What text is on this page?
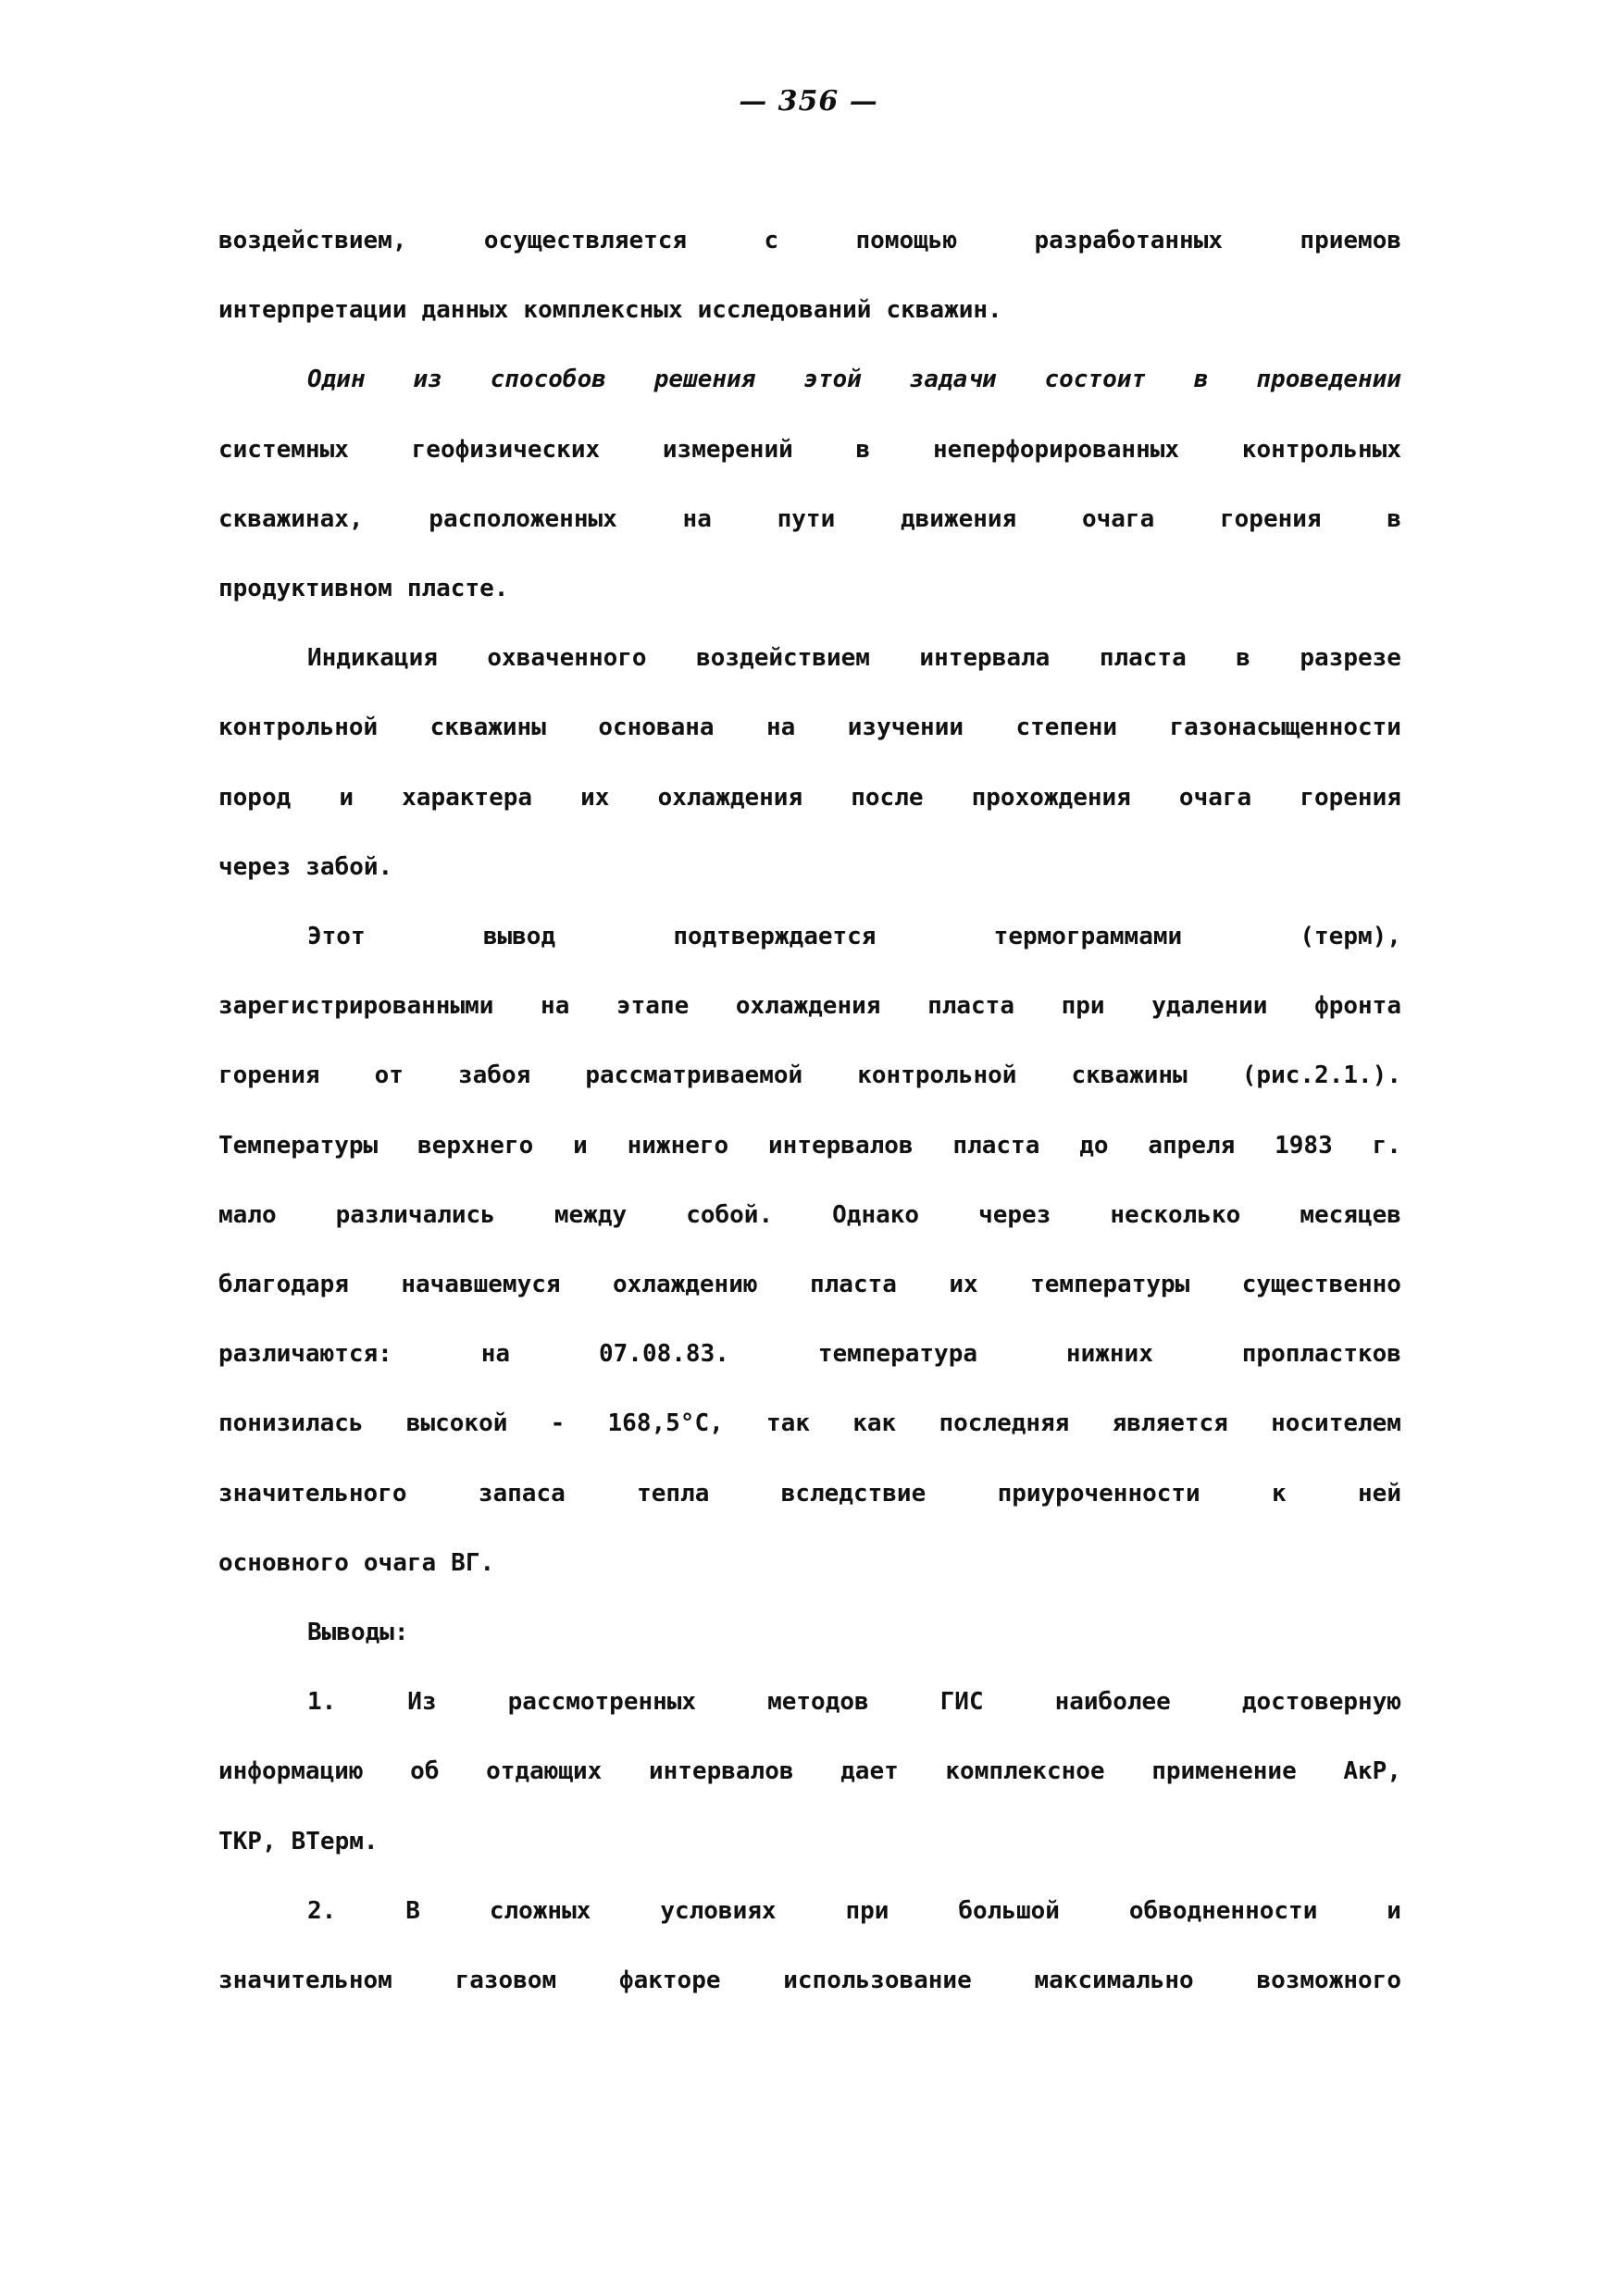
— 356 —
воздействием,	осуществляется	с	помощью	разработанных	приемов
интерпретации данных комплексных исследований скважин.
Один из способов решения этой задачи состоит в проведении
системных	геофизических	измерений	в	неперфорированных	контрольных
скважинах,	расположенных	на	пути	движения	очага	горения	в
продуктивном пласте.
Индикация охваченного воздействием интервала пласта в разрезе
контрольной скважины основана на изучении степени газонасыщенности
пород и характера их охлаждения после прохождения очага горения
через забой.
Этот	вывод	подтверждается	термограммами	(терм),
зарегистрированными на этапе охлаждения пласта при удалении фронта
горения от забоя рассматриваемой контрольной скважины (рис.2.1.).
Температуры верхнего и нижнего интервалов пласта до апреля 1983 г.
мало различались между собой. Однако через несколько месяцев
благодаря начавшемуся охлаждению пласта их температуры существенно
различаются:	на	07.08.83.	температура	нижних	пропластков
понизилась высокой - 168,5°C, так как последняя является носителем
значительного	запаса	тепла	вследствие	приуроченности	к	ней
основного очага ВГ.
Выводы:
1.	Из	рассмотренных	методов	ГИС	наиболее	достоверную
информацию об отдающих интервалов дает комплексное применение АкР,
ТКР, ВТерм.
2.	В	сложных	условиях	при	большой	обводненности	и
значительном	газовом	факторе	использование	максимально	возможного
